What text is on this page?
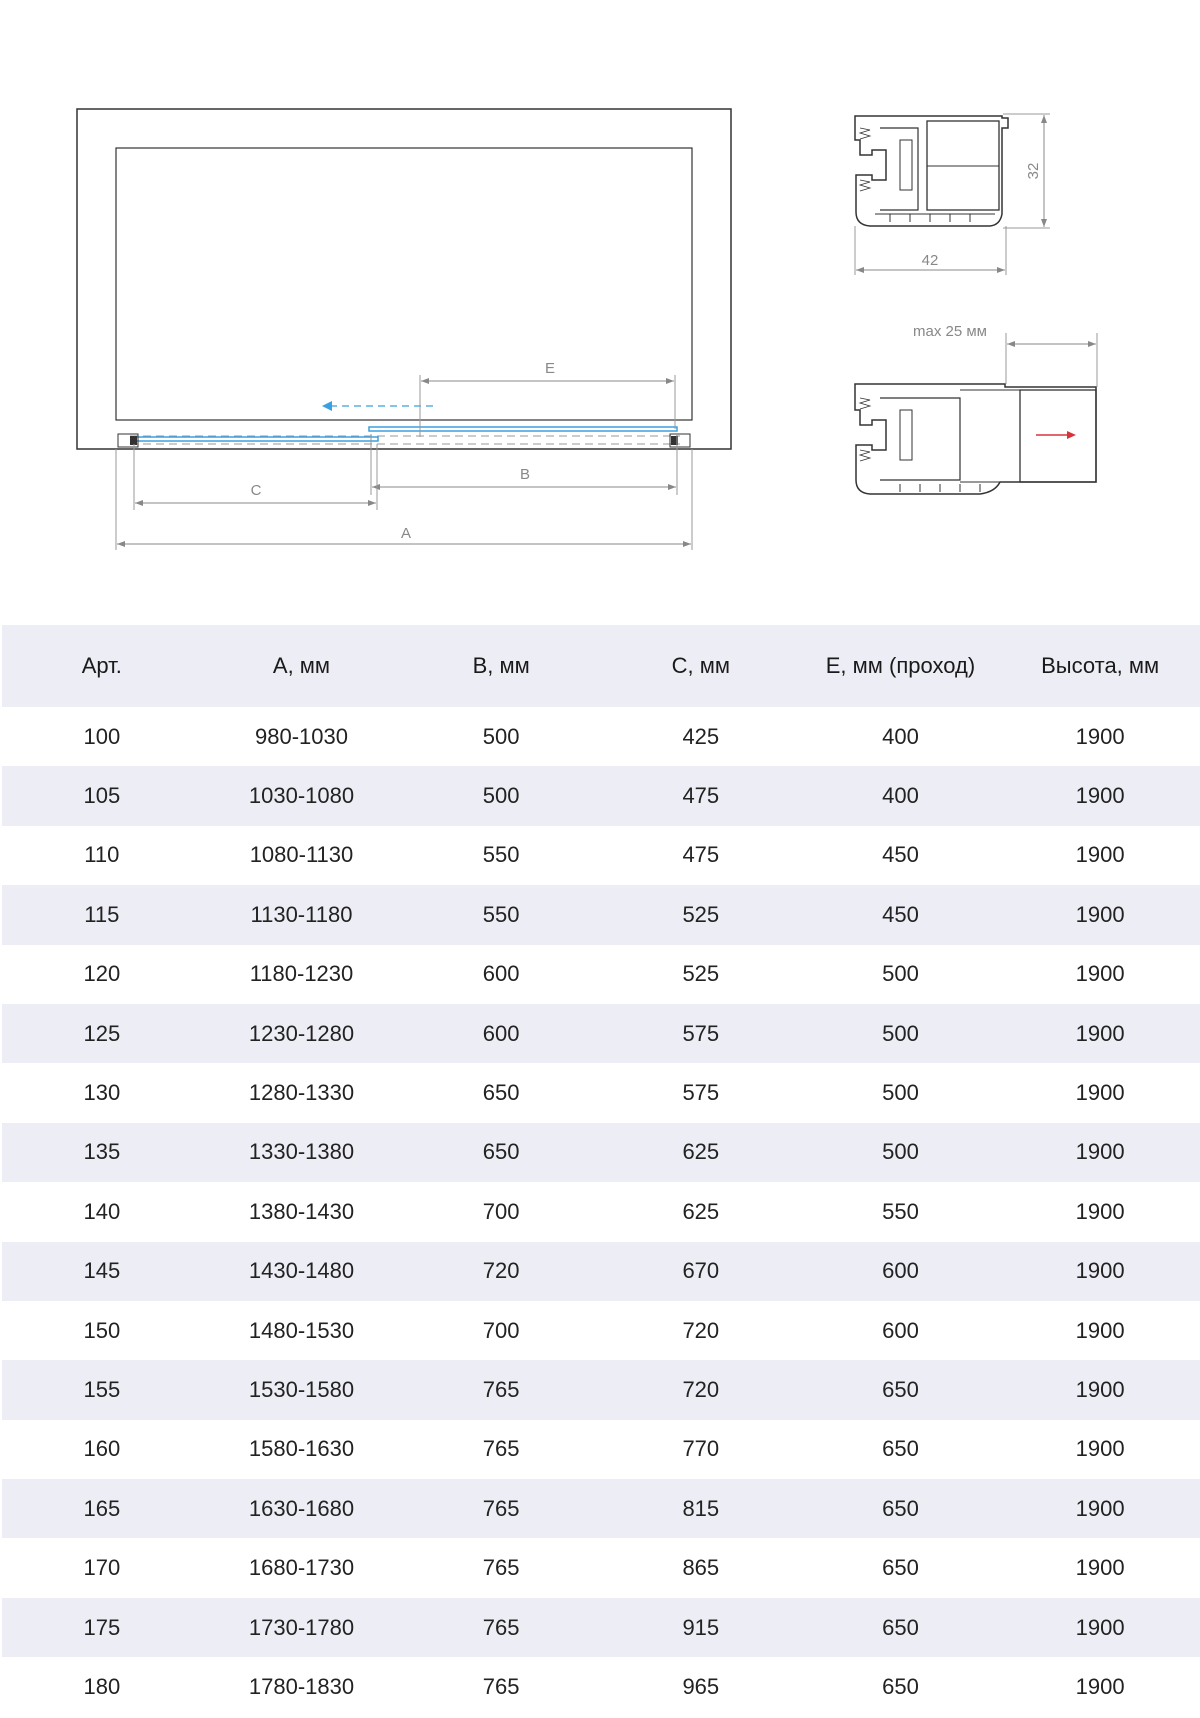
E
B
C
A
32
42
max 25 мм
Арт.	A, мм	B, мм	C, мм	E, мм (проход)	Высота, мм
100	980-1030	500	425	400	1900
105	1030-1080	500	475	400	1900
110	1080-1130	550	475	450	1900
115	1130-1180	550	525	450	1900
120	1180-1230	600	525	500	1900
125	1230-1280	600	575	500	1900
130	1280-1330	650	575	500	1900
135	1330-1380	650	625	500	1900
140	1380-1430	700	625	550	1900
145	1430-1480	720	670	600	1900
150	1480-1530	700	720	600	1900
155	1530-1580	765	720	650	1900
160	1580-1630	765	770	650	1900
165	1630-1680	765	815	650	1900
170	1680-1730	765	865	650	1900
175	1730-1780	765	915	650	1900
180	1780-1830	765	965	650	1900
